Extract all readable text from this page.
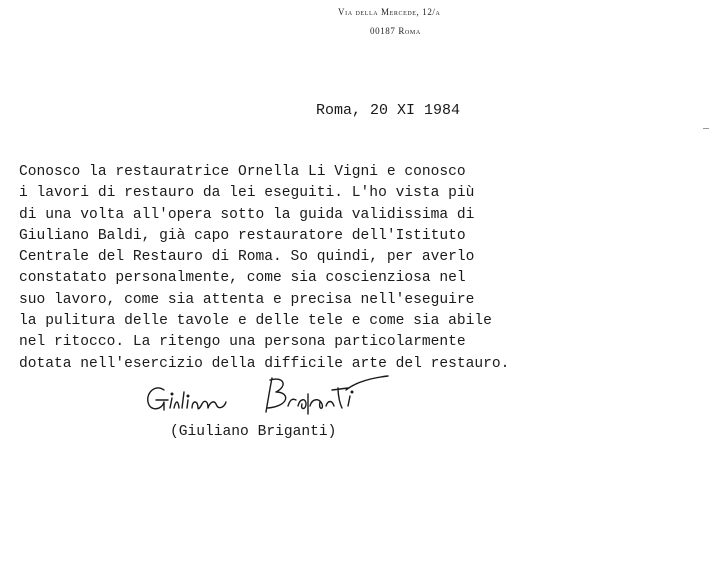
Via della Mercede, 12/a
00187 Roma
Roma, 20 XI 1984
Conosco la restauratrice Ornella Li Vigni e conosco
i lavori di restauro da lei eseguiti. L'ho vista più
di una volta all'opera sotto la guida validissima di
Giuliano Baldi, già capo restauratore dell'Istituto
Centrale del Restauro di Roma. So quindi, per averlo
constatato personalmente, come sia coscienziosa nel
suo lavoro, come sia attenta e precisa nell'eseguire
la pulitura delle tavole e delle tele e come sia abile
nel ritocco. La ritengo una persona particolarmente
dotata nell'esercizio della difficile arte del restauro.
(Giuliano Briganti)
